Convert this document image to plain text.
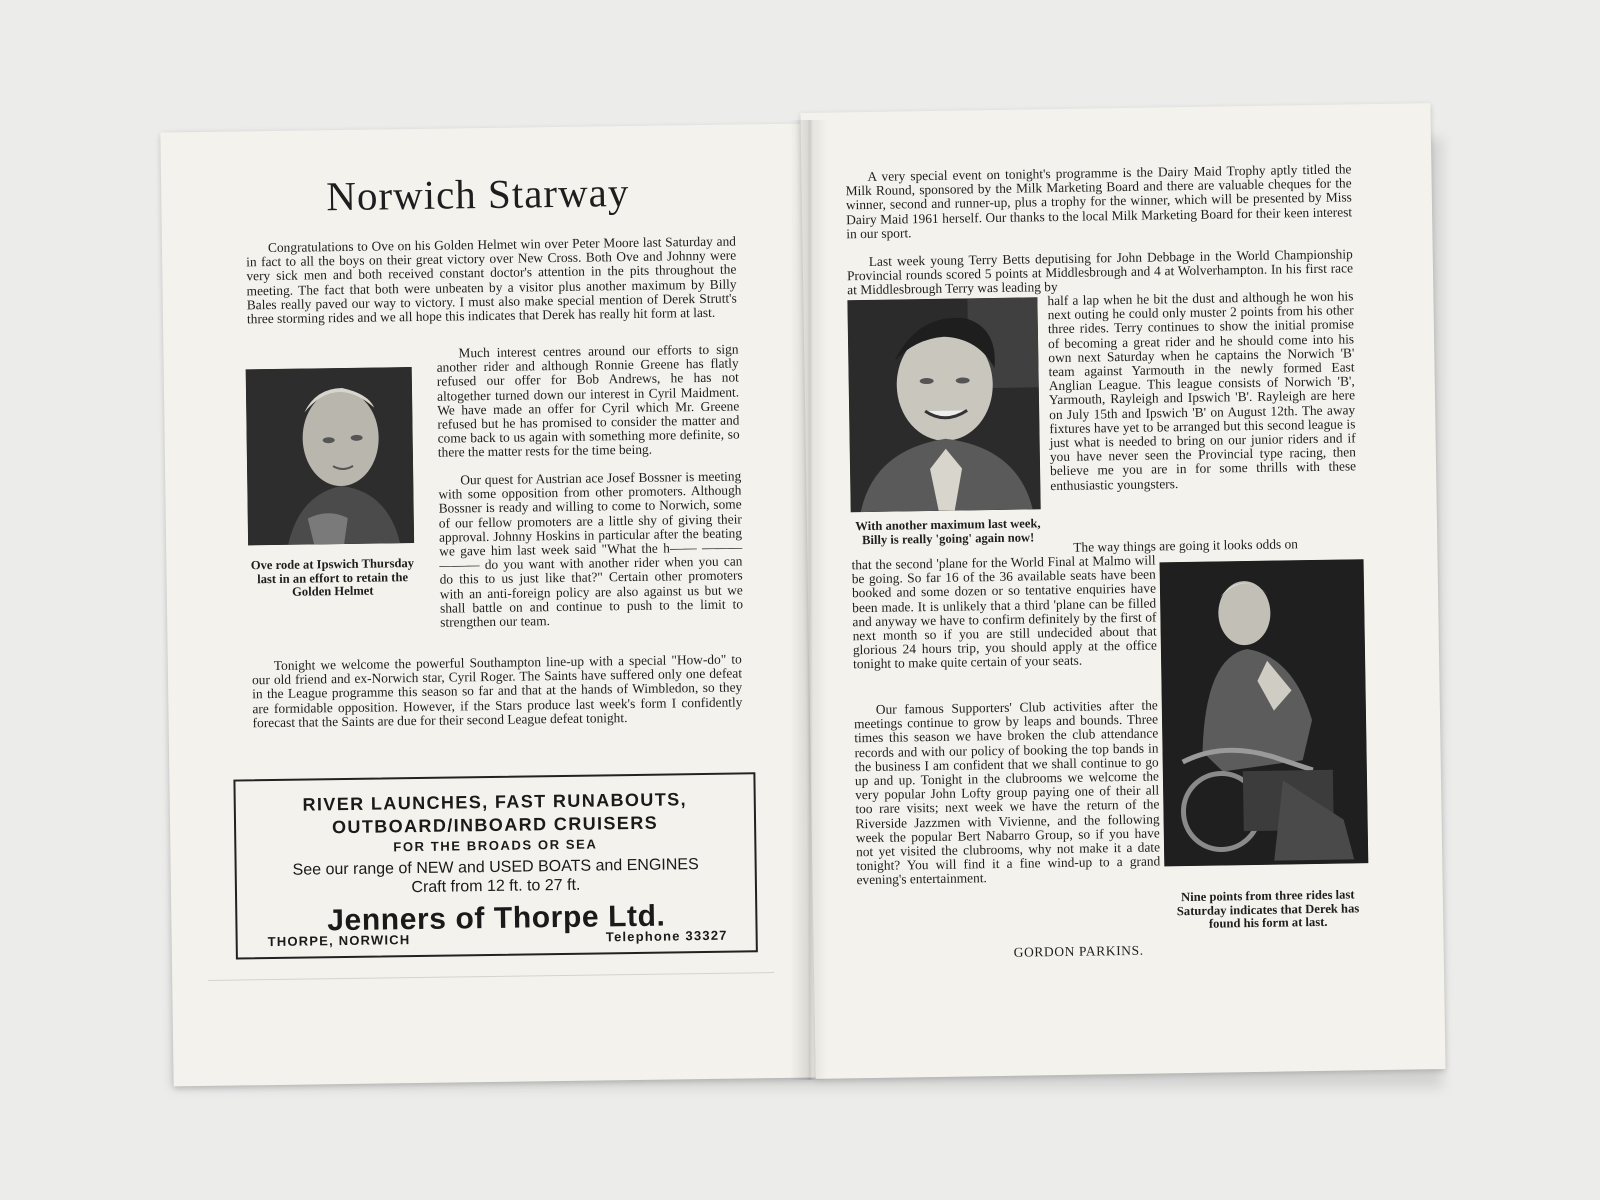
Norwich Starway

Congratulations to Ove on his Golden Helmet win over Peter Moore last Saturday and in fact to all the boys on their great victory over New Cross. Both Ove and Johnny were very sick men and both received constant doctor's attention in the pits throughout the meeting. The fact that both were unbeaten by a visitor plus another maximum by Billy Bales really paved our way to victory. I must also make special mention of Derek Strutt's three storming rides and we all hope this indicates that Derek has really hit form at last.

Much interest centres around our efforts to sign another rider and although Ronnie Greene has flatly refused our offer for Bob Andrews, he has not altogether turned down our interest in Cyril Maidment. We have made an offer for Cyril which Mr. Greene refused but he has promised to consider the matter and come back to us again with something more definite, so there the matter rests for the time being.

Our quest for Austrian ace Josef Bossner is meeting with some opposition from other promoters. Although Bossner is ready and willing to come to Norwich, some of our fellow promoters are a little shy of giving their approval. Johnny Hoskins in particular after the beating we gave him last week said "What the h—— ——— ——— do you want with another rider when you can do this to us just like that?" Certain other promoters with an anti-foreign policy are also against us but we shall battle on and continue to push to the limit to strengthen our team.

Ove rode at Ipswich Thursday last in an effort to retain the Golden Helmet

Tonight we welcome the powerful Southampton line-up with a special "How-do" to our old friend and ex-Norwich star, Cyril Roger. The Saints have suffered only one defeat in the League programme this season so far and that at the hands of Wimbledon, so they are formidable opposition. However, if the Stars produce last week's form I confidently forecast that the Saints are due for their second League defeat tonight.

RIVER LAUNCHES, FAST RUNABOUTS,
OUTBOARD/INBOARD CRUISERS
FOR THE BROADS OR SEA
See our range of NEW and USED BOATS and ENGINES
Craft from 12 ft. to 27 ft.
Jenners of Thorpe Ltd.
THORPE, NORWICH	Telephone 33327

A very special event on tonight's programme is the Dairy Maid Trophy aptly titled the Milk Round, sponsored by the Milk Marketing Board and there are valuable cheques for the winner, second and runner-up, plus a trophy for the winner, which will be presented by Miss Dairy Maid 1961 herself. Our thanks to the local Milk Marketing Board for their keen interest in our sport.

Last week young Terry Betts deputising for John Debbage in the World Championship Provincial rounds scored 5 points at Middlesbrough and 4 at Wolverhampton. In his first race at Middlesbrough Terry was leading by

With another maximum last week, Billy is really 'going' again now!

half a lap when he bit the dust and although he won his next outing he could only muster 2 points from his other three rides. Terry continues to show the initial promise of becoming a great rider and he should come into his own next Saturday when he captains the Norwich 'B' team against Yarmouth in the newly formed East Anglian League. This league consists of Norwich 'B', Yarmouth, Rayleigh and Ipswich 'B'. Rayleigh are here on July 15th and Ipswich 'B' on August 12th. The away fixtures have yet to be arranged but this second league is just what is needed to bring on our junior riders and if you have never seen the Provincial type racing, then believe me you are in for some thrills with these enthusiastic youngsters.

The way things are going it looks odds on

that the second 'plane for the World Final at Malmo will be going. So far 16 of the 36 available seats have been booked and some dozen or so tentative enquiries have been made. It is unlikely that a third 'plane can be filled and anyway we have to confirm definitely by the first of next month so if you are still undecided about that glorious 24 hours trip, you should apply at the office tonight to make quite certain of your seats.

Our famous Supporters' Club activities after the meetings continue to grow by leaps and bounds. Three times this season we have broken the club attendance records and with our policy of booking the top bands in the business I am confident that we shall continue to go up and up. Tonight in the clubrooms we welcome the very popular John Lofty group paying one of their all too rare visits; next week we have the return of the Riverside Jazzmen with Vivienne, and the following week the popular Bert Nabarro Group, so if you have not yet visited the clubrooms, why not make it a date tonight? You will find it a fine wind-up to a grand evening's entertainment.

Nine points from three rides last Saturday indicates that Derek has found his form at last.
GORDON PARKINS.
